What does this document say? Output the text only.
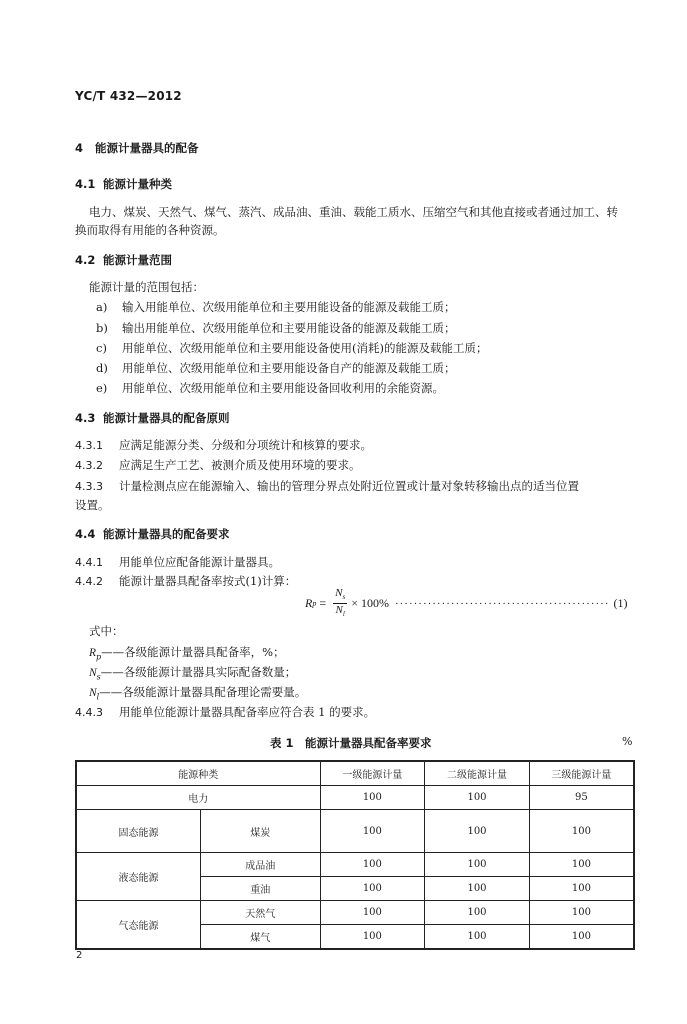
YC/T 432—2012
4 能源计量器具的配备
4.1 能源计量种类
电力、煤炭、天然气、煤气、蒸汽、成品油、重油、载能工质水、压缩空气和其他直接或者通过加工、转
换而取得有用能的各种资源。
4.2 能源计量范围
能源计量的范围包括：
a) 输入用能单位、次级用能单位和主要用能设备的能源及载能工质；
b) 输出用能单位、次级用能单位和主要用能设备的能源及载能工质；
c) 用能单位、次级用能单位和主要用能设备使用(消耗)的能源及载能工质；
d) 用能单位、次级用能单位和主要用能设备自产的能源及载能工质；
e) 用能单位、次级用能单位和主要用能设备回收利用的余能资源。
4.3 能源计量器具的配备原则
4.3.1 应满足能源分类、分级和分项统计和核算的要求。
4.3.2 应满足生产工艺、被测介质及使用环境的要求。
4.3.3 计量检测点应在能源输入、输出的管理分界点处附近位置或计量对象转移输出点的适当位置
设置。
4.4 能源计量器具的配备要求
4.4.1 用能单位应配备能源计量器具。
4.4.2 能源计量器具配备率按式(1)计算：
R $p = \frac{N_s}{N_l} \times 100\%$ ·············································· (1)
式中：
$R_p——$各级能源计量器具配备率，%；
$N_s——$各级能源计量器具实际配备数量；
$N_l——$各级能源计量器具配备理论需要量。
4.4.3 用能单位能源计量器具配备率应符合表 1 的要求。
表 1　能源计量器具配备率要求	%
能源种类		一级能源计量	二级能源计量	三级能源计量
电力		100	100	95
固态能源	煤炭	100	100	100
液态能源	成品油	100	100	100
	重油	100	100	100
气态能源	天然气	100	100	100
	煤气	100	100	100
2
